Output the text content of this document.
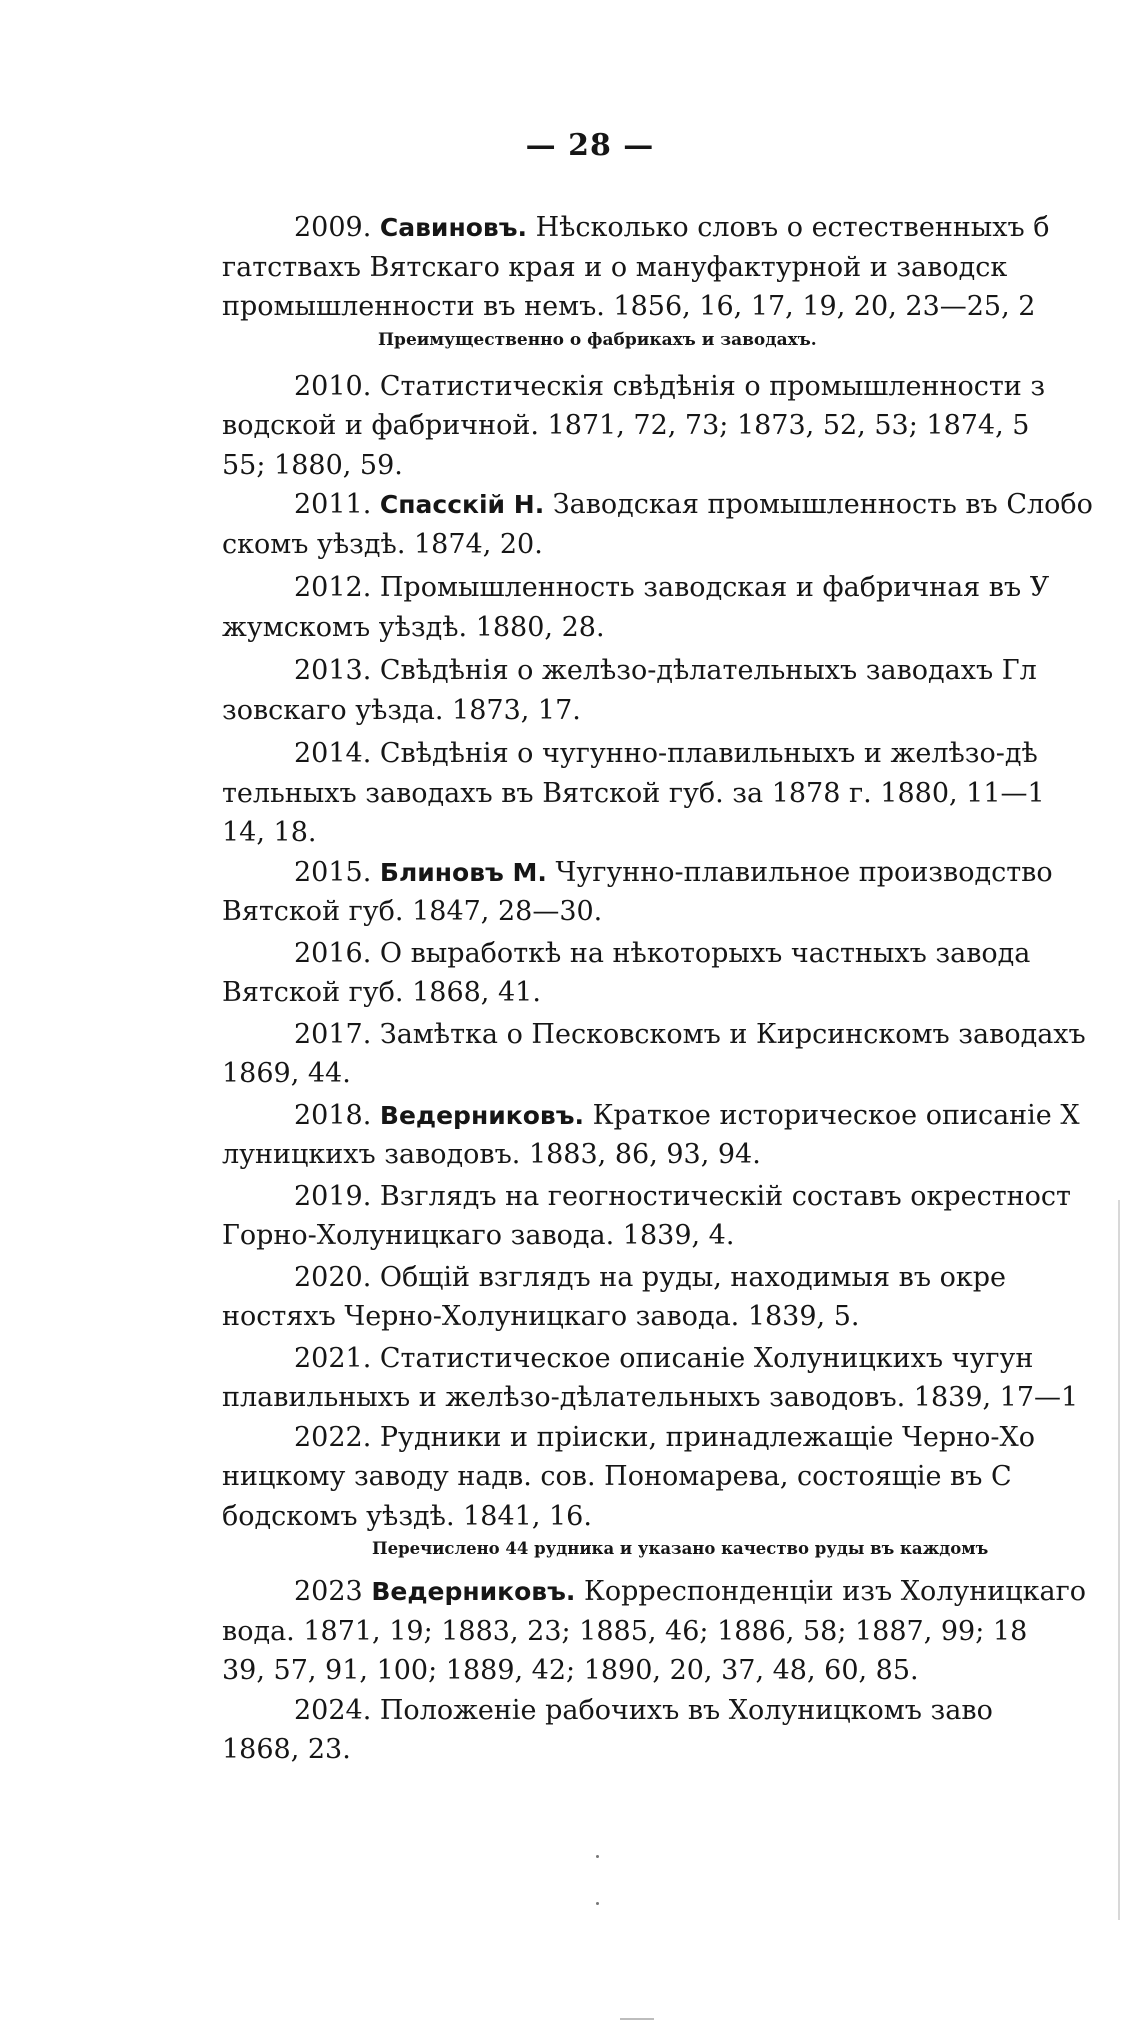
— 28 —
2009. Савиновъ. Нѣсколько словъ о естественныхъ б
гатствахъ Вятскаго края и о мануфактурной и заводск
промышленности въ немъ. 1856, 16, 17, 19, 20, 23—25, 2
Преимущественно о фабрикахъ и заводахъ.
2010. Статистическія свѣдѣнія о промышленности з
водской и фабричной. 1871, 72, 73; 1873, 52, 53; 1874, 5
55; 1880, 59.
2011. Спасскій Н. Заводская промышленность въ Слобо
скомъ уѣздѣ. 1874, 20.
2012. Промышленность заводская и фабричная въ У
жумскомъ уѣздѣ. 1880, 28.
2013. Свѣдѣнія о желѣзо-дѣлательныхъ заводахъ Гл
зовскаго уѣзда. 1873, 17.
2014. Свѣдѣнія о чугунно-плавильныхъ и желѣзо-дѣ
тельныхъ заводахъ въ Вятской губ. за 1878 г. 1880, 11—1
14, 18.
2015. Блиновъ М. Чугунно-плавильное производство
Вятской губ. 1847, 28—30.
2016. О выработкѣ на нѣкоторыхъ частныхъ завода
Вятской губ. 1868, 41.
2017. Замѣтка о Песковскомъ и Кирсинскомъ заводахъ
1869, 44.
2018. Ведерниковъ. Краткое историческое описаніе Х
луницкихъ заводовъ. 1883, 86, 93, 94.
2019. Взглядъ на геогностическій составъ окрестност
Горно-Холуницкаго завода. 1839, 4.
2020. Общій взглядъ на руды, находимыя въ окре
ностяхъ Черно-Холуницкаго завода. 1839, 5.
2021. Статистическое описаніе Холуницкихъ чугун
плавильныхъ и желѣзо-дѣлательныхъ заводовъ. 1839, 17—1
2022. Рудники и пріиски, принадлежащіе Черно-Хо
ницкому заводу надв. сов. Пономарева, состоящіе въ С
бодскомъ уѣздѣ. 1841, 16.
Перечислено 44 рудника и указано качество руды въ каждомъ
2023 Ведерниковъ. Корреспонденціи изъ Холуницкаго
вода. 1871, 19; 1883, 23; 1885, 46; 1886, 58; 1887, 99; 18
39, 57, 91, 100; 1889, 42; 1890, 20, 37, 48, 60, 85.
2024. Положеніе рабочихъ въ Холуницкомъ заво
1868, 23.
